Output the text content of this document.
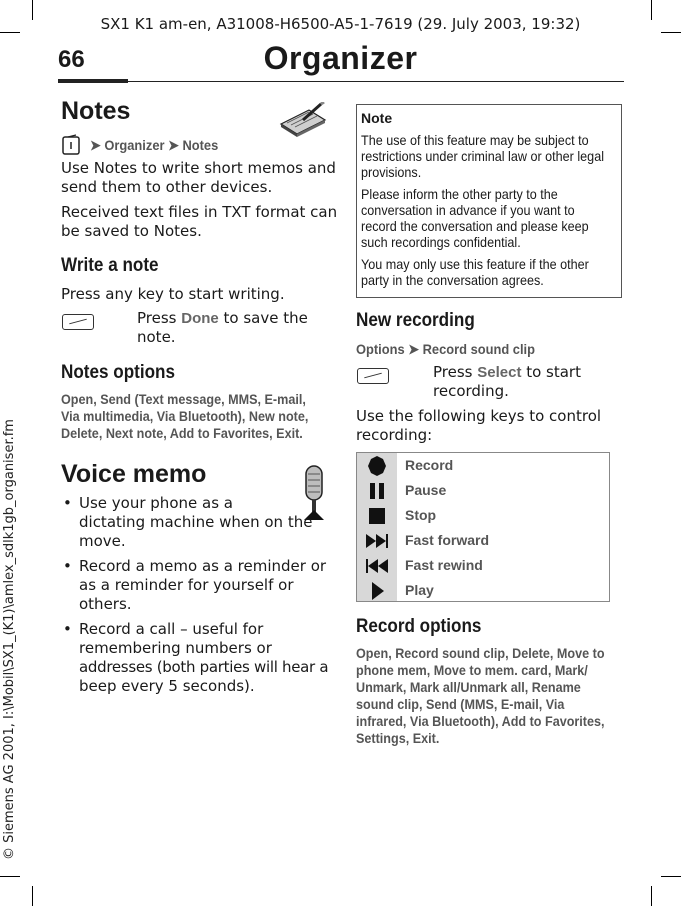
SX1 K1 am-en, A31008-H6500-A5-1-7619 (29. July 2003, 19:32)
66	Organizer
© Siemens AG 2001, I:\Mobil\SX1_(K1)\amlex_sdlk1gb_organiser.fm
Notes
➤ Organizer ➤ Notes

Use Notes to write short memos and
send them to other devices.

Received text files in TXT format can
be saved to Notes.

Write a note

Press any key to start writing.

Press Done to save the
note.

Notes options
Open, Send (Text message, MMS, E-mail,
Via multimedia, Via Bluetooth), New note,
Delete, Next note, Add to Favorites, Exit.
Voice memo
• Use your phone as a
dictating machine when on the
move.
• Record a memo as a reminder or
as a reminder for yourself or
others.
• Record a call – useful for
remembering numbers or
addresses (both parties will hear a
beep every 5 seconds).
Note
The use of this feature may be subject to
restrictions under criminal law or other legal
provisions.
Please inform the other party to the
conversation in advance if you want to
record the conversation and please keep
such recordings confidential.
You may only use this feature if the other
party in the conversation agrees.
New recording
Options ➤ Record sound clip

Press Select to start
recording.

Use the following keys to control
recording:

Record
Pause
Stop
Fast forward
Fast rewind
Play
Record options
Open, Record sound clip, Delete, Move to
phone mem, Move to mem. card, Mark/
Unmark, Mark all/Unmark all, Rename
sound clip, Send (MMS, E-mail, Via
infrared, Via Bluetooth), Add to Favorites,
Settings, Exit.
